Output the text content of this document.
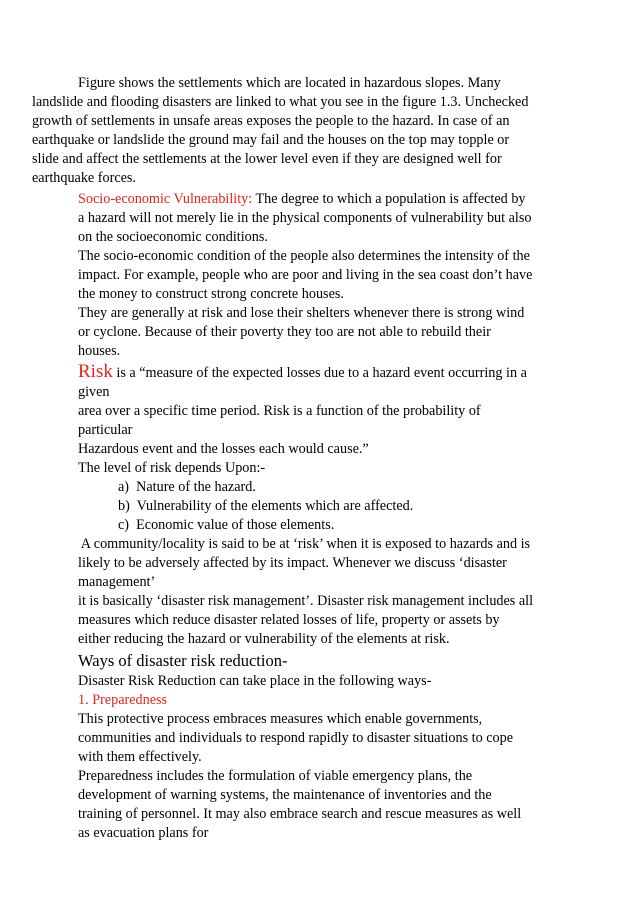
Figure shows the settlements which are located in hazardous slopes. Many
landslide and flooding disasters are linked to what you see in the figure 1.3. Unchecked
growth of settlements in unsafe areas exposes the people to the hazard. In case of an
earthquake or landslide the ground may fail and the houses on the top may topple or
slide and affect the settlements at the lower level even if they are designed well for
earthquake forces.
Socio-economic Vulnerability: The degree to which a population is affected by
a hazard will not merely lie in the physical components of vulnerability but also
on the socioeconomic conditions.
The socio-economic condition of the people also determines the intensity of the
impact. For example, people who are poor and living in the sea coast don’t have
the money to construct strong concrete houses.
They are generally at risk and lose their shelters whenever there is strong wind
or cyclone. Because of their poverty they too are not able to rebuild their
houses.
Risk is a “measure of the expected losses due to a hazard event occurring in a
given
area over a specific time period. Risk is a function of the probability of
particular
Hazardous event and the losses each would cause.”
The level of risk depends Upon:-
a)  Nature of the hazard.
b)  Vulnerability of the elements which are affected.
c)  Economic value of those elements.
A community/locality is said to be at ‘risk’ when it is exposed to hazards and is
likely to be adversely affected by its impact. Whenever we discuss ‘disaster
management’
it is basically ‘disaster risk management’. Disaster risk management includes all
measures which reduce disaster related losses of life, property or assets by
either reducing the hazard or vulnerability of the elements at risk.
Ways of disaster risk reduction-
Disaster Risk Reduction can take place in the following ways-
1. Preparedness
This protective process embraces measures which enable governments,
communities and individuals to respond rapidly to disaster situations to cope
with them effectively.
Preparedness includes the formulation of viable emergency plans, the
development of warning systems, the maintenance of inventories and the
training of personnel. It may also embrace search and rescue measures as well
as evacuation plans for
